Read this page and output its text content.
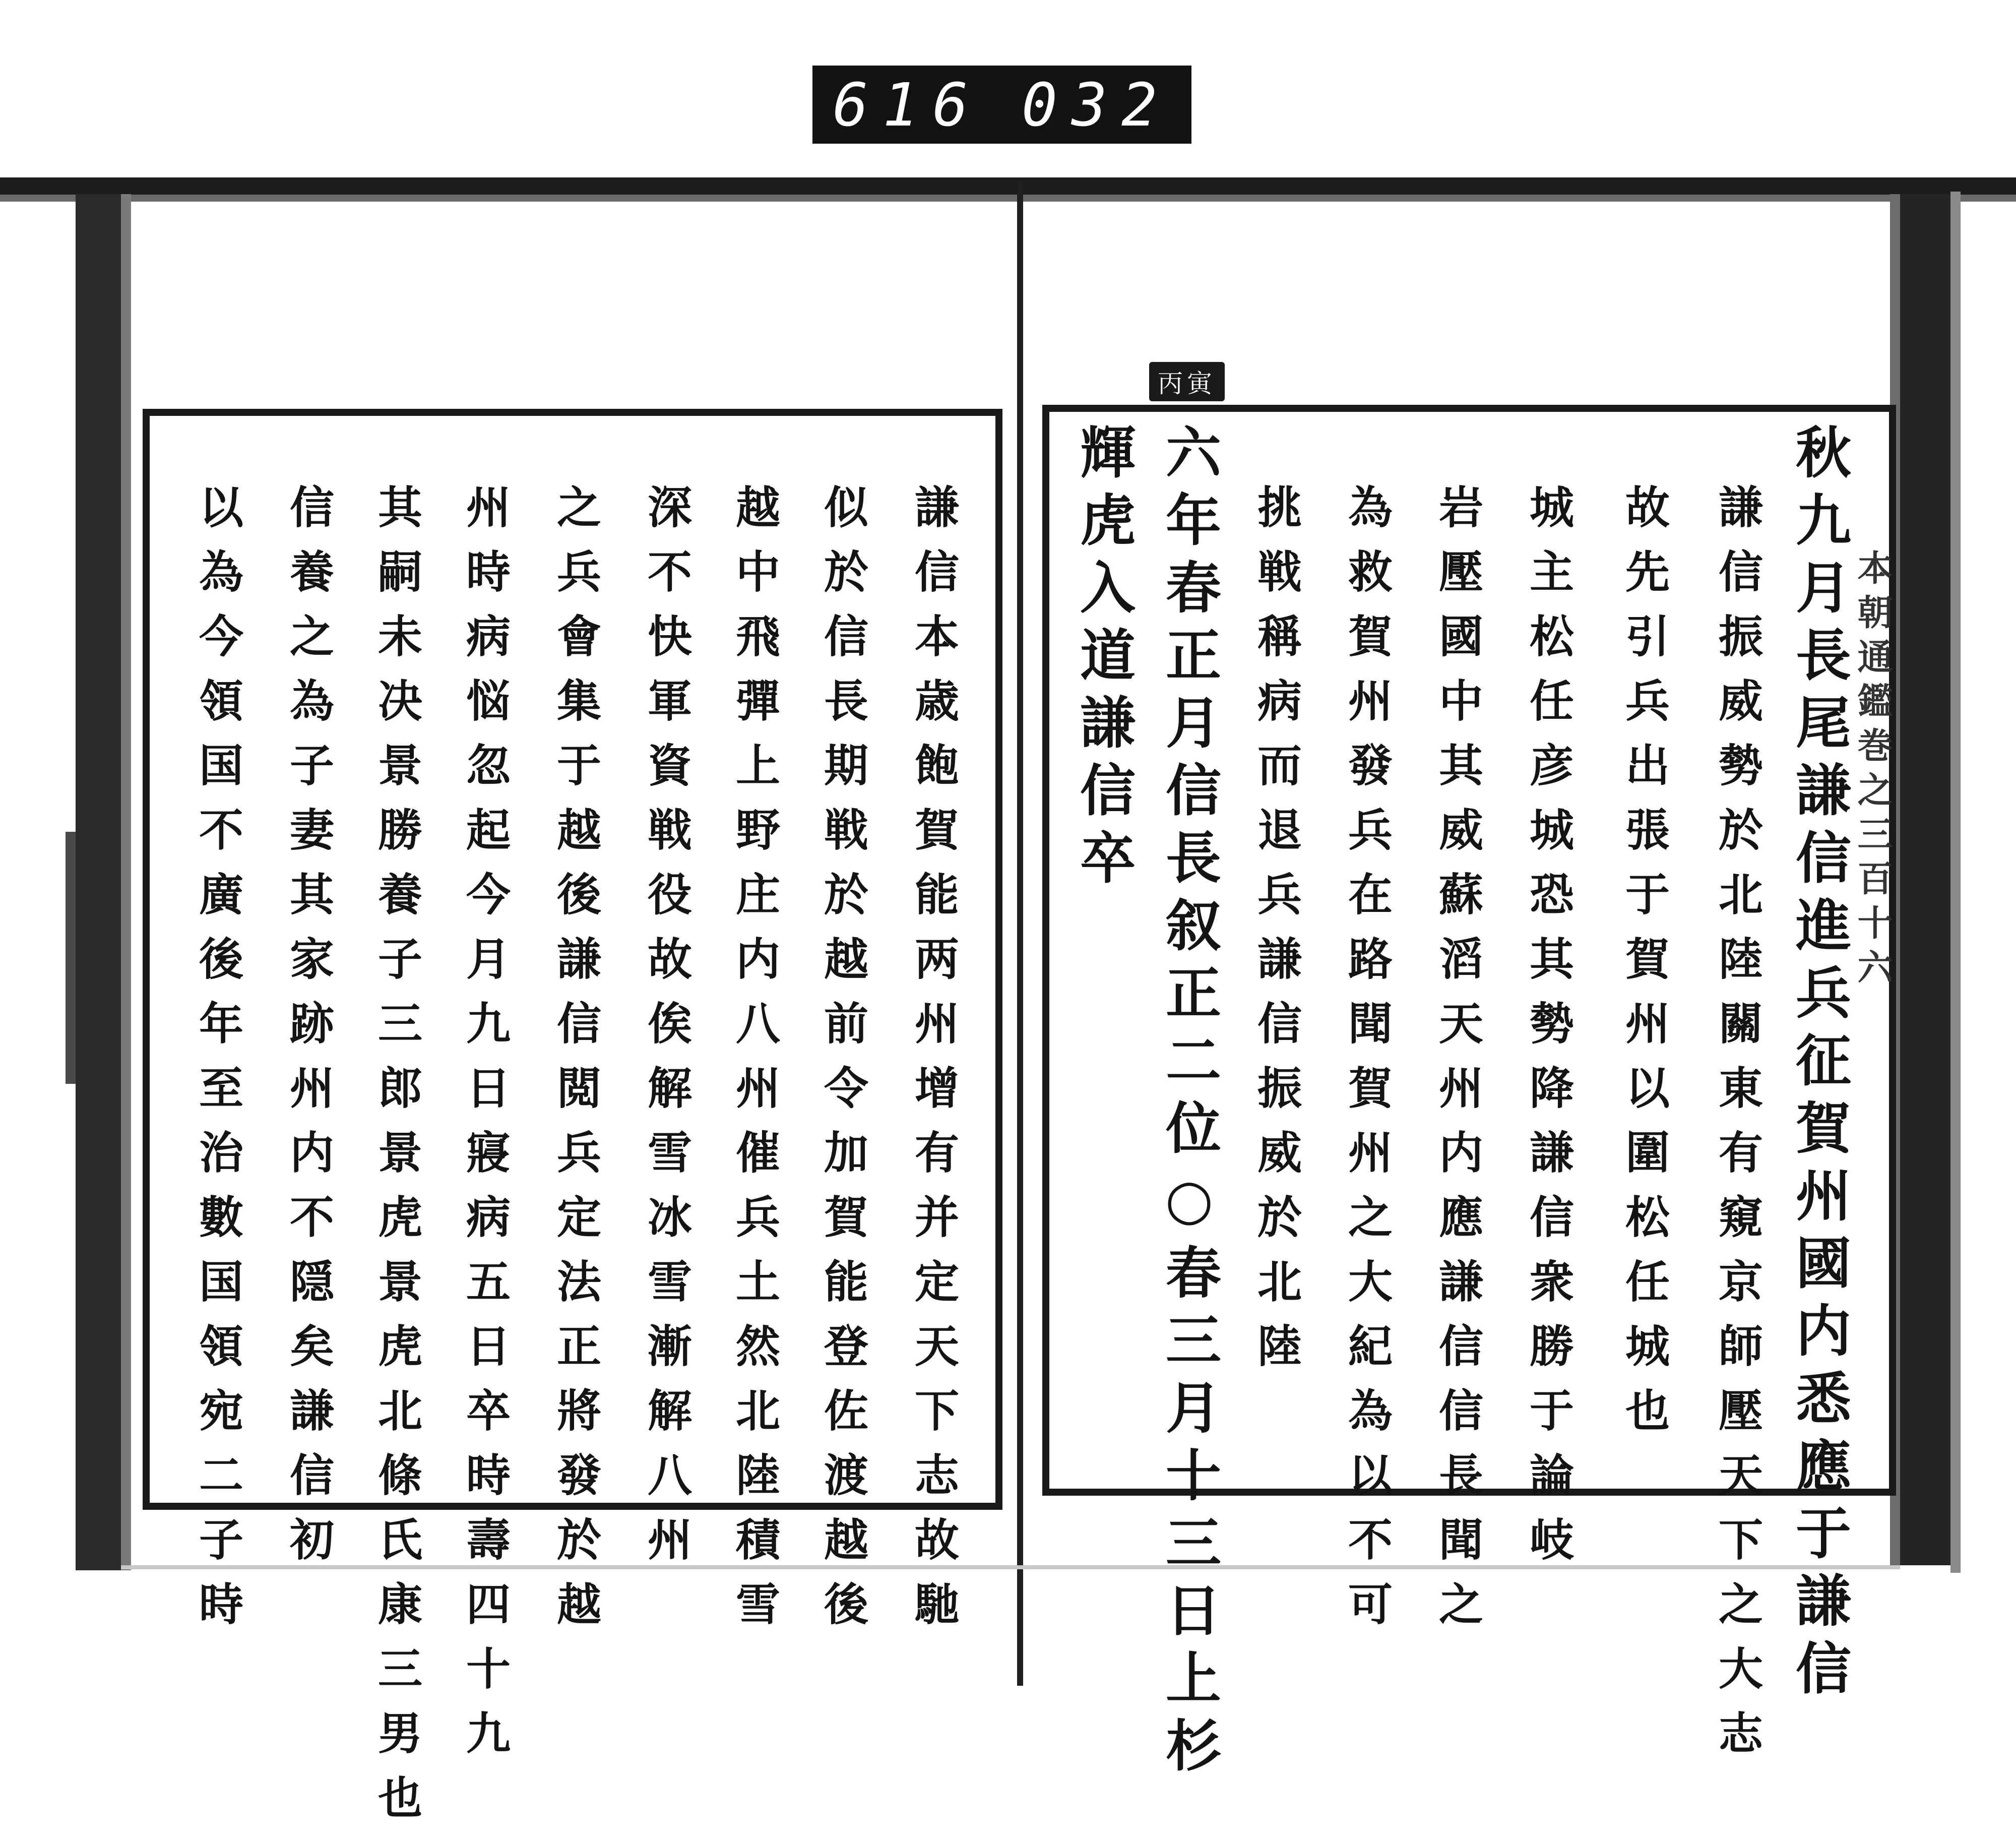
616 032
本朝通鑑巻之三百十六
丙寅
秋九月長尾謙信進兵征賀州國内悉應于謙信
謙信振威勢於北陸關東有窺京師壓天下之大志
故先引兵出張于賀州以圍松任城也
城主松任彦城恐其勢降謙信衆勝于論岐
岩壓國中其威蘇滔天州内應謙信信長聞之
為救賀州發兵在路聞賀州之大紀為以不可
挑戦稱病而退兵謙信振威於北陸
六年春正月信長叙正二位○春三月十三日上杉
輝虎入道謙信卒
謙信本歳飽賀能两州增有并定天下志故馳
似於信長期戦於越前令加賀能登佐渡越後
越中飛彈上野庄内八州催兵土然北陸積雪
深不快軍資戦役故俟解雪冰雪漸解八州
之兵會集于越後謙信閲兵定法正將發於越
州時病悩忽起今月九日寢病五日卒時壽四十九
其嗣未决景勝養子三郎景虎景虎北條氏康三男也
信養之為子妻其家跡州内不隠矣謙信初
以為今領国不廣後年至治數国領宛二子時
